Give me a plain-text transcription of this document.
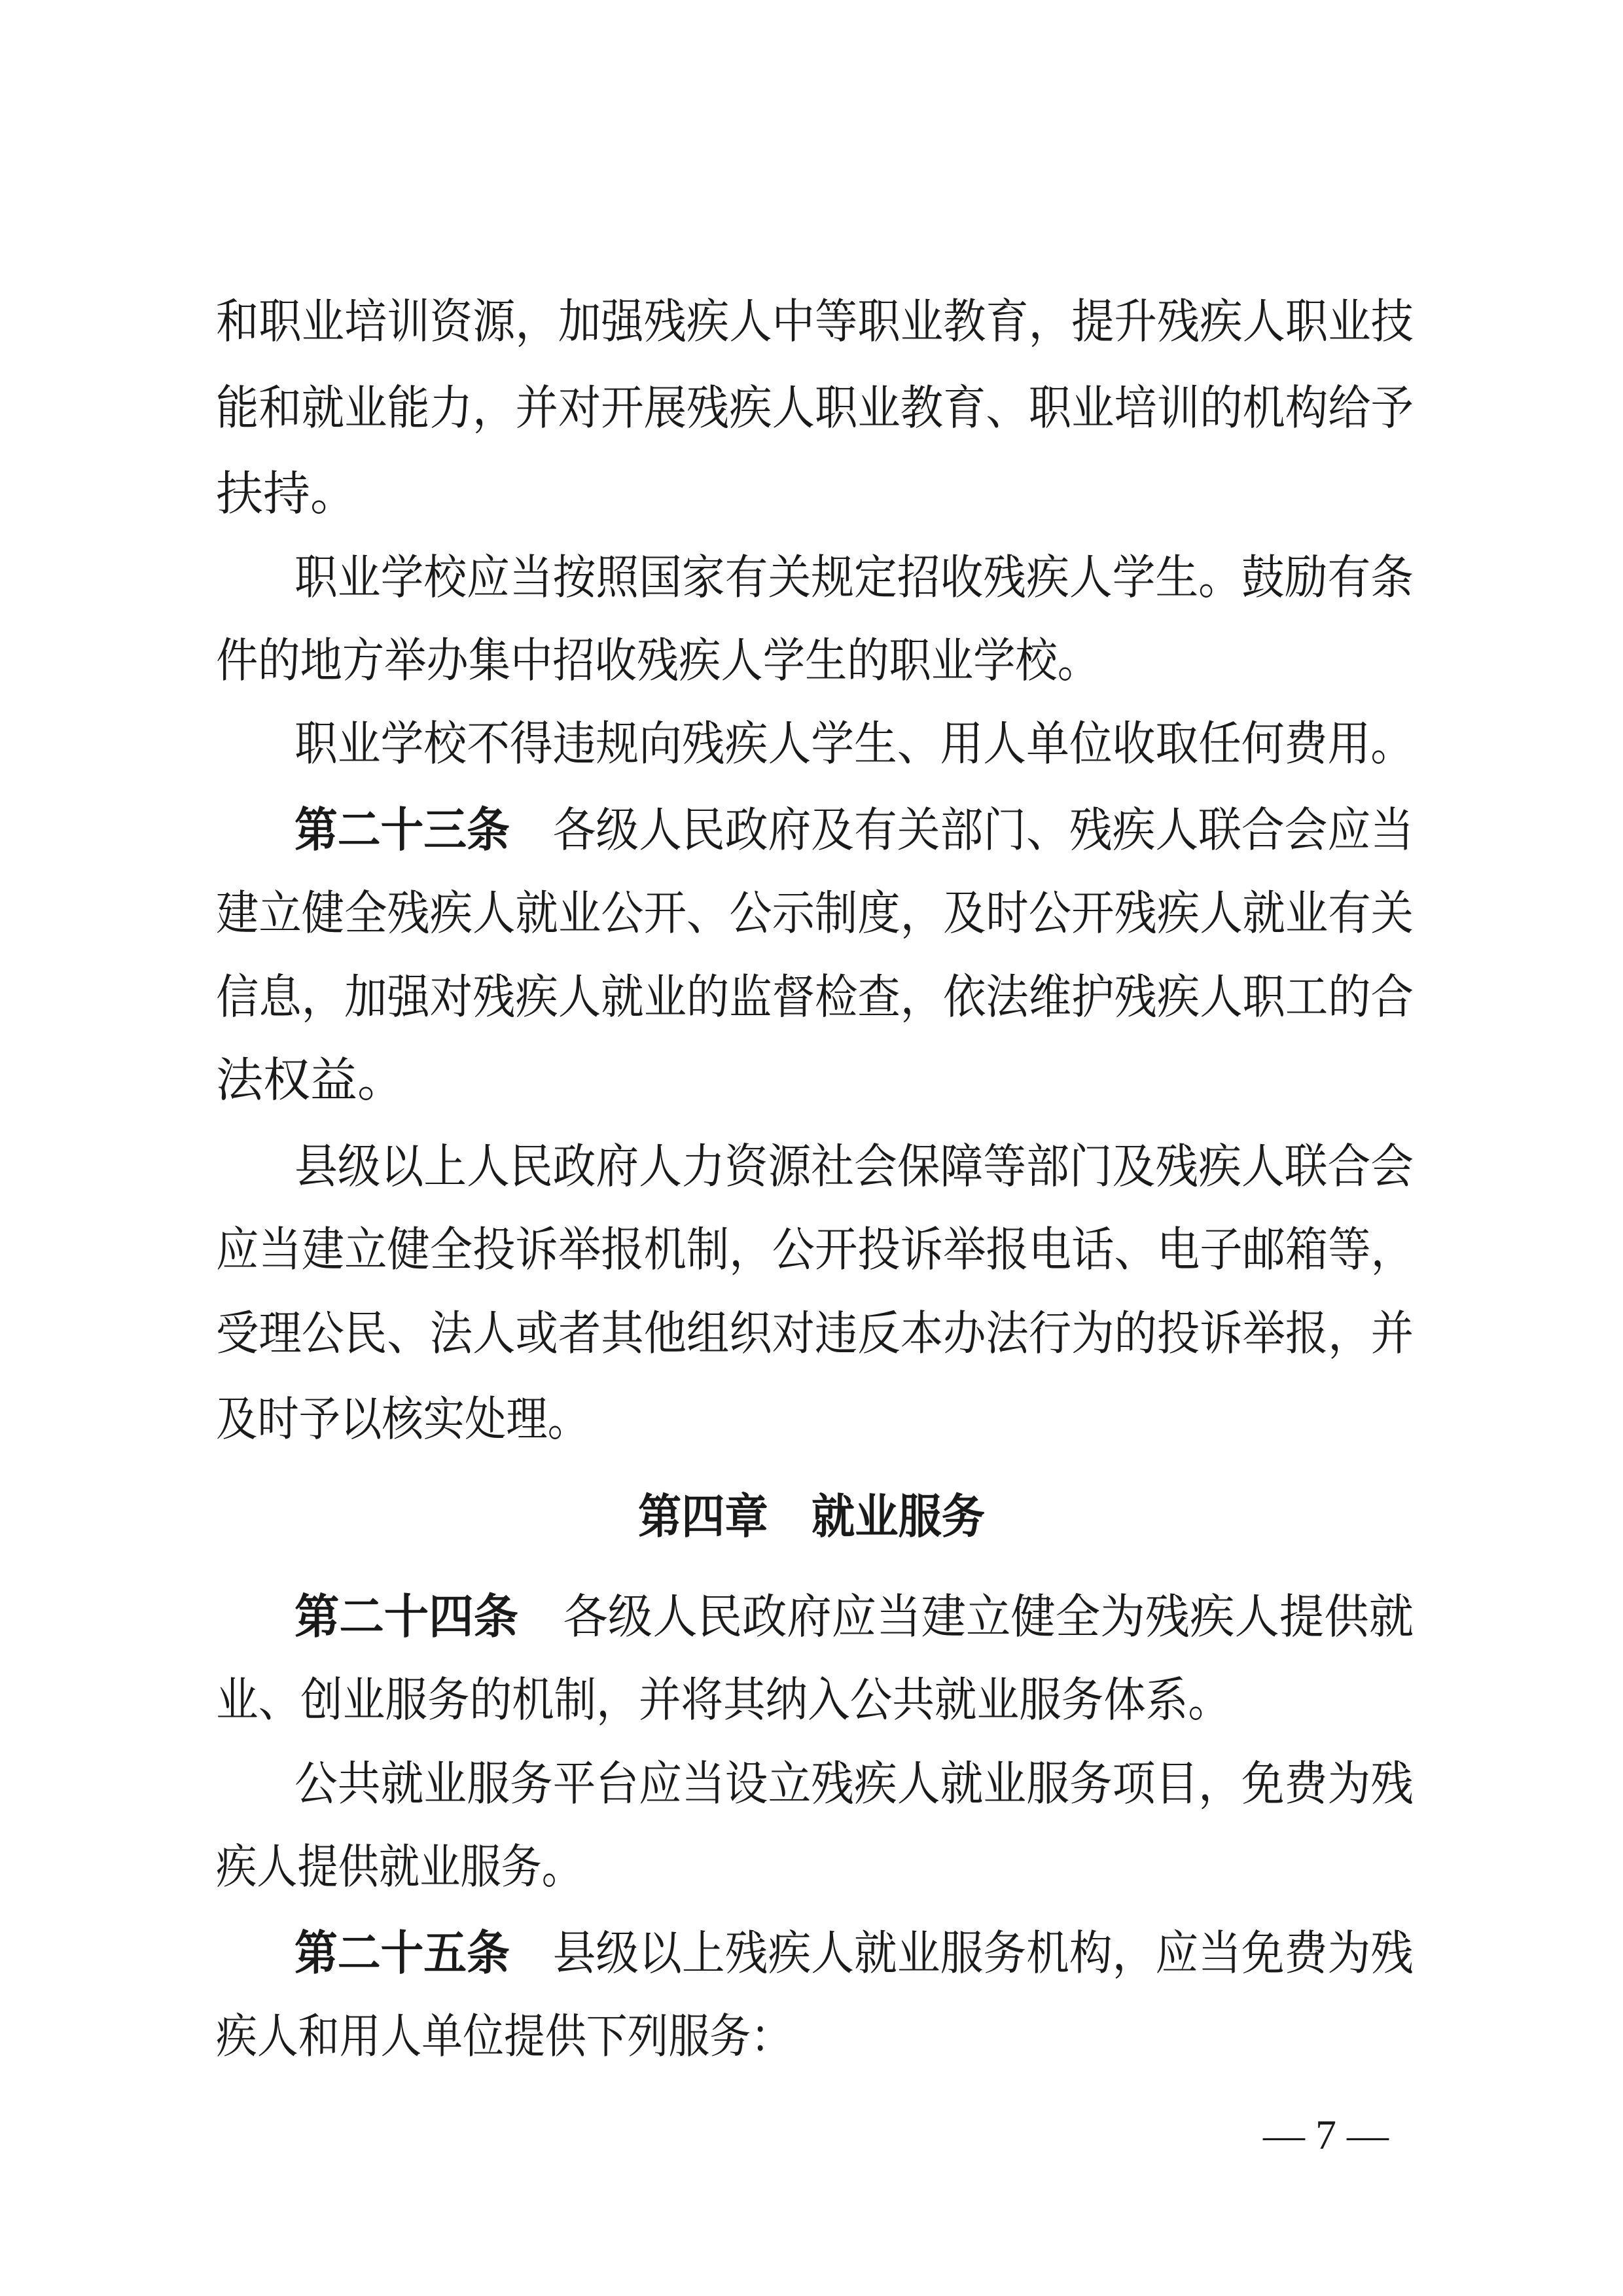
和职业培训资源，加强残疾人中等职业教育，提升残疾人职业技
能和就业能力，并对开展残疾人职业教育、职业培训的机构给予
扶持。
职业学校应当按照国家有关规定招收残疾人学生。鼓励有条
件的地方举办集中招收残疾人学生的职业学校。
职业学校不得违规向残疾人学生、用人单位收取任何费用。
第二十三条 各级人民政府及有关部门、残疾人联合会应当
建立健全残疾人就业公开、公示制度，及时公开残疾人就业有关
信息，加强对残疾人就业的监督检查，依法维护残疾人职工的合
法权益。
县级以上人民政府人力资源社会保障等部门及残疾人联合会
应当建立健全投诉举报机制，公开投诉举报电话、电子邮箱等，
受理公民、法人或者其他组织对违反本办法行为的投诉举报，并
及时予以核实处理。
第四章　就业服务
第二十四条 各级人民政府应当建立健全为残疾人提供就
业、创业服务的机制，并将其纳入公共就业服务体系。
公共就业服务平台应当设立残疾人就业服务项目，免费为残
疾人提供就业服务。
第二十五条 县级以上残疾人就业服务机构，应当免费为残
疾人和用人单位提供下列服务：
— 7 —
